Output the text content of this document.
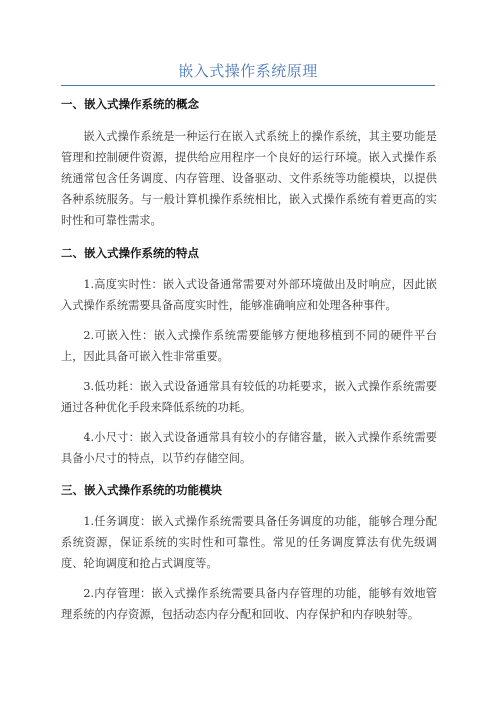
嵌入式操作系统原理
一、嵌入式操作系统的概念

嵌入式操作系统是一种运行在嵌入式系统上的操作系统，其主要功能是管理和控制硬件资源，提供给应用程序一个良好的运行环境。嵌入式操作系统通常包含任务调度、内存管理、设备驱动、文件系统等功能模块，以提供各种系统服务。与一般计算机操作系统相比，嵌入式操作系统有着更高的实时性和可靠性需求。

二、嵌入式操作系统的特点

1.高度实时性：嵌入式设备通常需要对外部环境做出及时响应，因此嵌入式操作系统需要具备高度实时性，能够准确响应和处理各种事件。

2.可嵌入性：嵌入式操作系统需要能够方便地移植到不同的硬件平台上，因此具备可嵌入性非常重要。

3.低功耗：嵌入式设备通常具有较低的功耗要求，嵌入式操作系统需要通过各种优化手段来降低系统的功耗。

4.小尺寸：嵌入式设备通常具有较小的存储容量，嵌入式操作系统需要具备小尺寸的特点，以节约存储空间。

三、嵌入式操作系统的功能模块

1.任务调度：嵌入式操作系统需要具备任务调度的功能，能够合理分配系统资源，保证系统的实时性和可靠性。常见的任务调度算法有优先级调度、轮询调度和抢占式调度等。

2.内存管理：嵌入式操作系统需要具备内存管理的功能，能够有效地管理系统的内存资源，包括动态内存分配和回收、内存保护和内存映射等。
